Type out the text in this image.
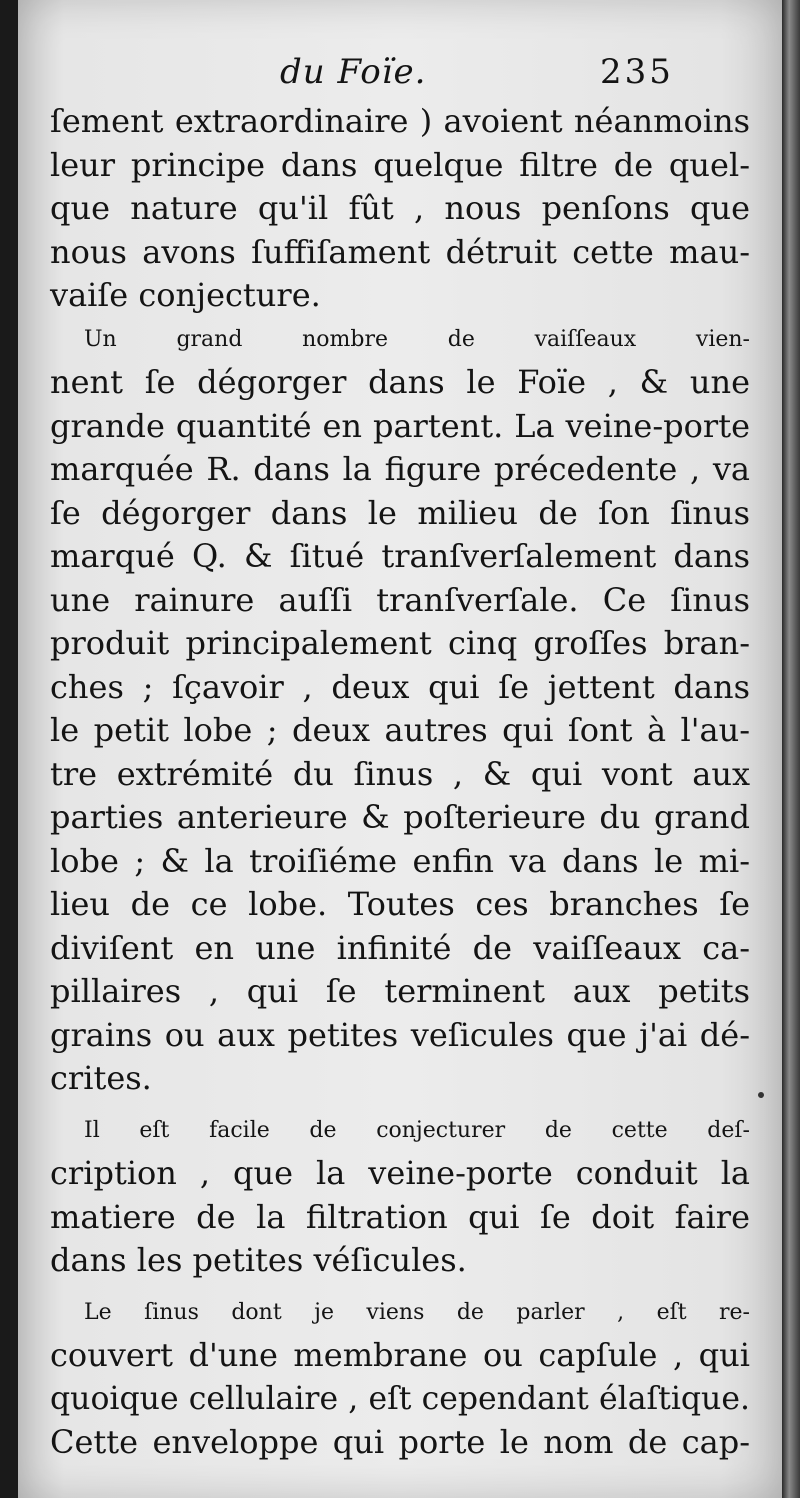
du Foïe.	235
ſement extraordinaire ) avoient néanmoins
leur principe dans quelque filtre de quel-
que nature qu'il fût , nous penſons que
nous avons ſuffiſament détruit cette mau-
vaiſe conjecture.
Un grand nombre de vaiſſeaux vien-
nent ſe dégorger dans le Foïe , & une
grande quantité en partent. La veine-porte
marquée R. dans la figure précedente , va
ſe dégorger dans le milieu de ſon ſinus
marqué Q. & ſitué tranſverſalement dans
une rainure auſſi tranſverſale. Ce ſinus
produit principalement cinq groſſes bran-
ches ; ſçavoir , deux qui ſe jettent dans
le petit lobe ; deux autres qui ſont à l'au-
tre extrémité du ſinus , & qui vont aux
parties anterieure & poſterieure du grand
lobe ; & la troiſiéme enfin va dans le mi-
lieu de ce lobe. Toutes ces branches ſe
diviſent en une infinité de vaiſſeaux ca-
pillaires , qui ſe terminent aux petits
grains ou aux petites veſicules que j'ai dé-
crites.
Il eſt facile de conjecturer de cette deſ-
cription , que la veine-porte conduit la
matiere de la filtration qui ſe doit faire
dans les petites véſicules.
Le ſinus dont je viens de parler , eſt re-
couvert d'une membrane ou capſule , qui
quoique cellulaire , eſt cependant élaſtique.
Cette enveloppe qui porte le nom de cap-
